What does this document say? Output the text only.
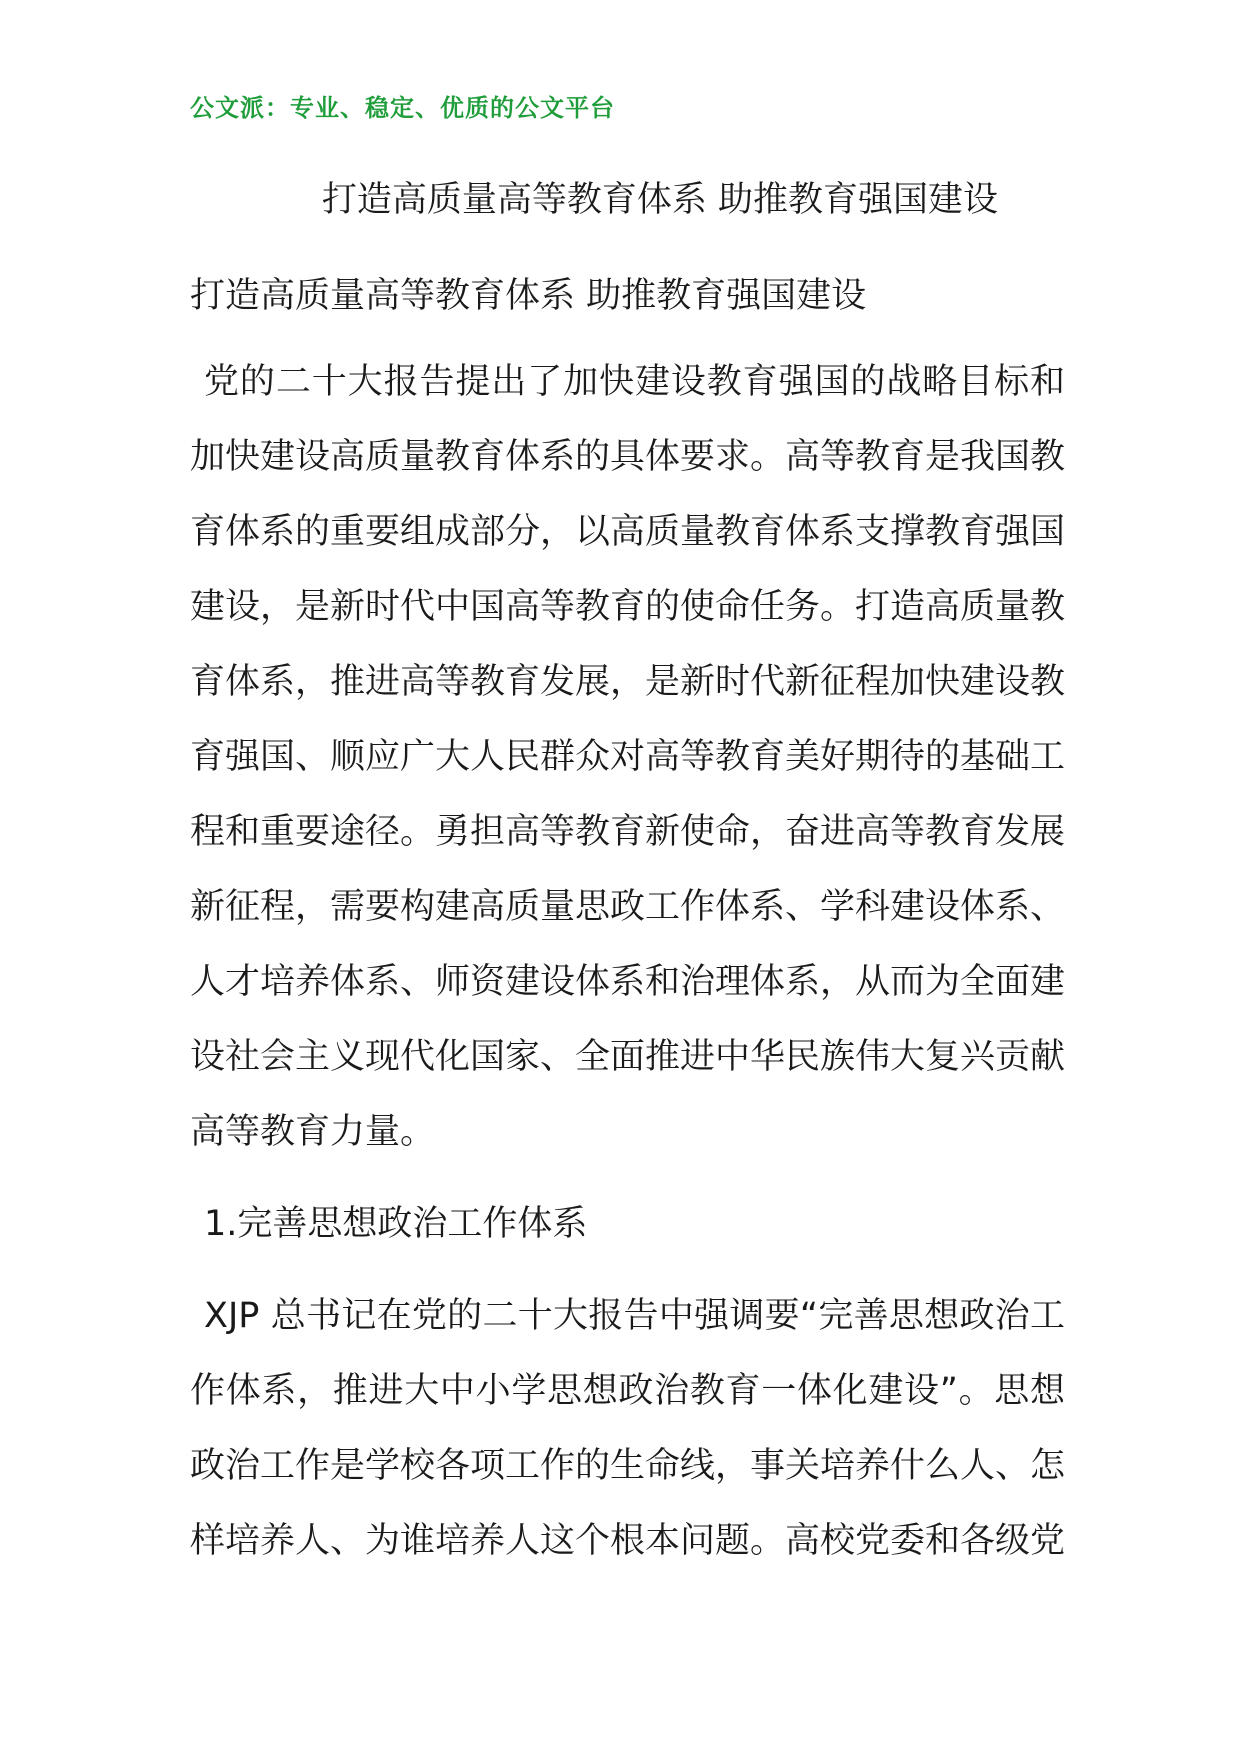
公文派：专业、稳定、优质的公文平台
打造高质量高等教育体系 助推教育强国建设
打造高质量高等教育体系 助推教育强国建设

党的二十大报告提出了加快建设教育强国的战略目标和加快建设高质量教育体系的具体要求。高等教育是我国教育体系的重要组成部分，以高质量教育体系支撑教育强国建设，是新时代中国高等教育的使命任务。打造高质量教育体系，推进高等教育发展，是新时代新征程加快建设教育强国、顺应广大人民群众对高等教育美好期待的基础工程和重要途径。勇担高等教育新使命，奋进高等教育发展新征程，需要构建高质量思政工作体系、学科建设体系、人才培养体系、师资建设体系和治理体系，从而为全面建设社会主义现代化国家、全面推进中华民族伟大复兴贡献高等教育力量。

1.完善思想政治工作体系

XJP 总书记在党的二十大报告中强调要“完善思想政治工作体系，推进大中小学思想政治教育一体化建设”。思想政治工作是学校各项工作的生命线，事关培养什么人、怎样培养人、为谁培养人这个根本问题。高校党委和各级党
